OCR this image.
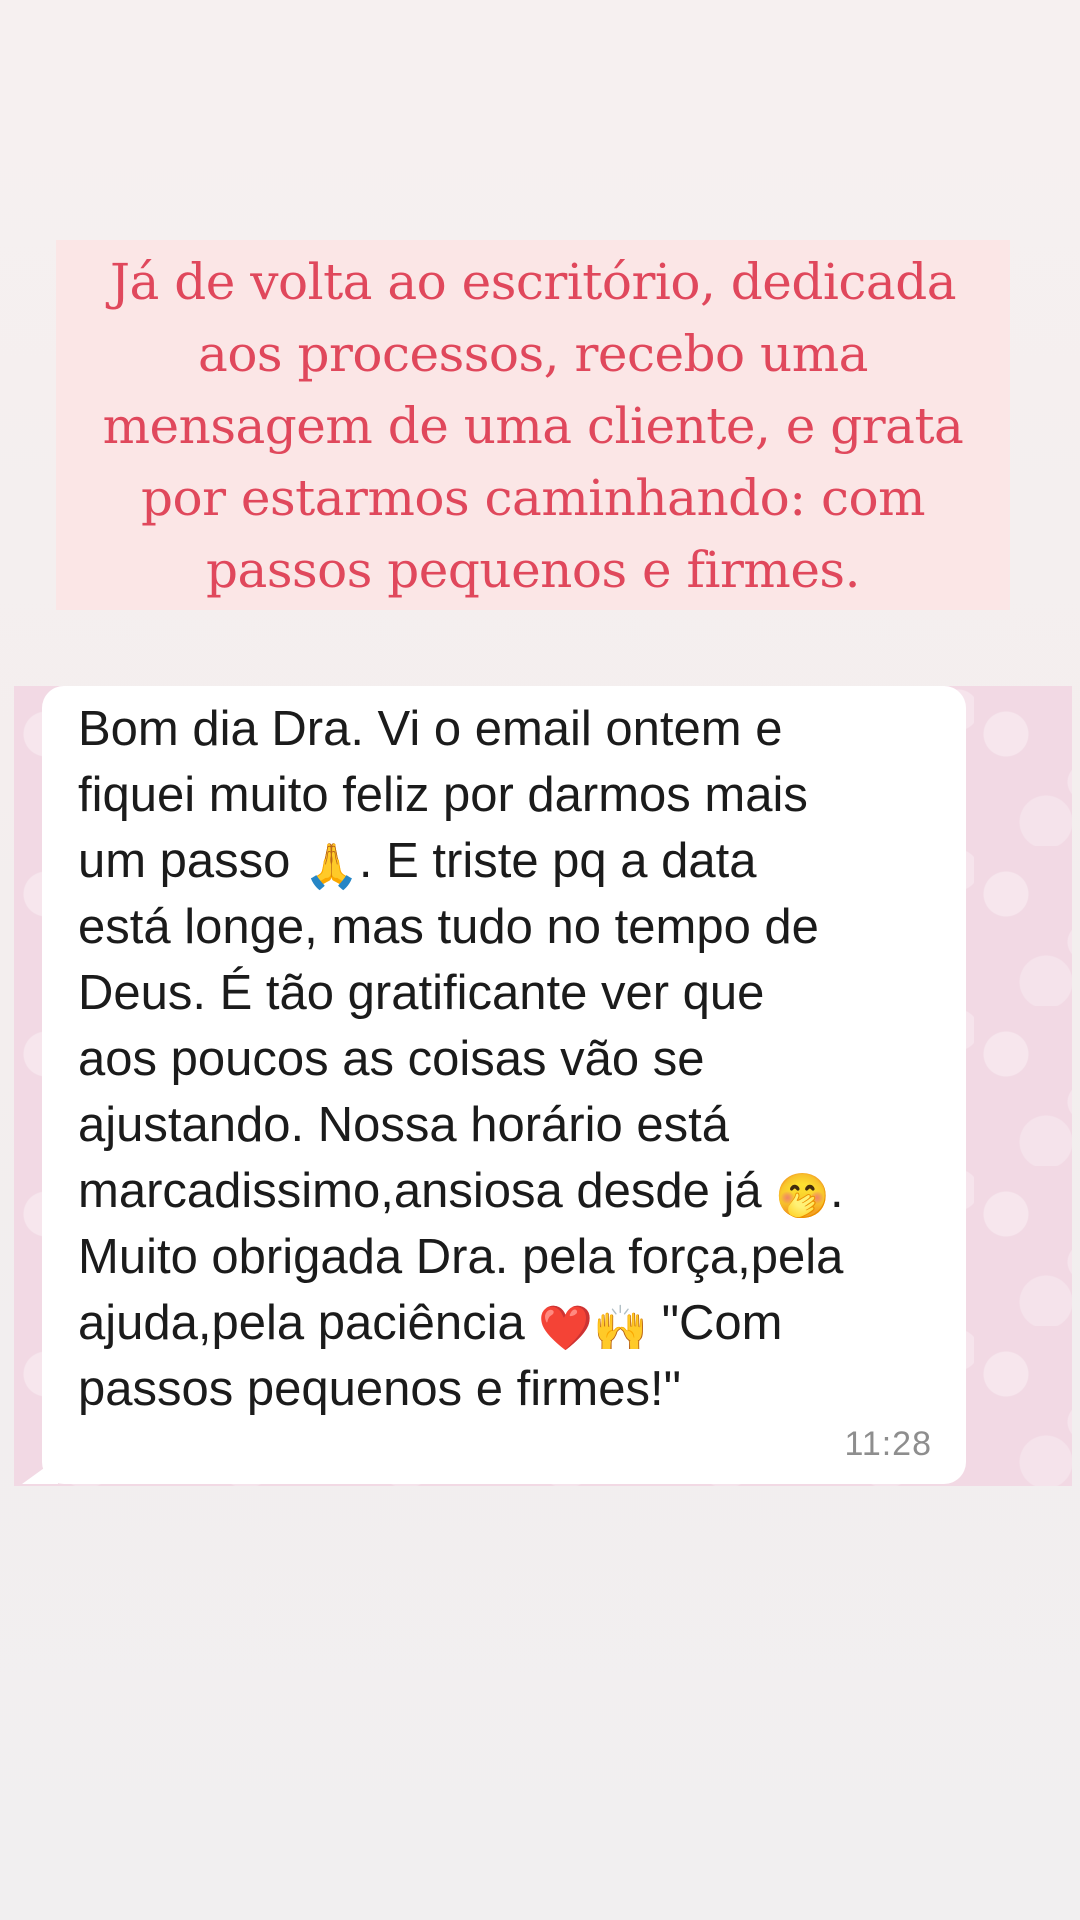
Já de volta ao escritório, dedicada
aos processos, recebo uma
mensagem de uma cliente, e grata
por estarmos caminhando: com
passos pequenos e firmes.
Bom dia Dra. Vi o email ontem e
fiquei muito feliz por darmos mais
um passo 🙏. E triste pq a data
está longe, mas tudo no tempo de
Deus. É tão gratificante ver que
aos poucos as coisas vão se
ajustando. Nossa horário está
marcadissimo,ansiosa desde já 🤭.
Muito obrigada Dra. pela força,pela
ajuda,pela paciência ❤️🙌 "Com
passos pequenos e firmes!"
11:28
